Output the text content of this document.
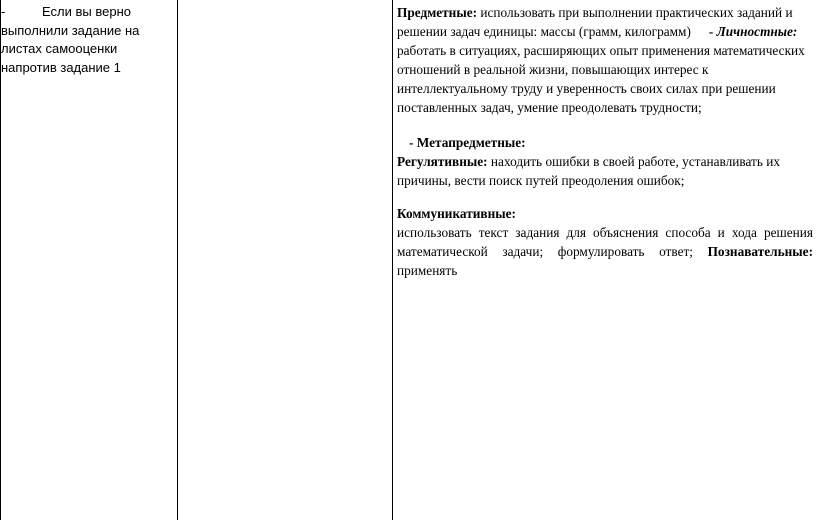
-	Если вы верно выполнили задание на листах самооценки напротив задание 1

Предметные: использовать при выполнении практических заданий и решении задач единицы: массы (грамм, килограмм) - Личностные: работать в ситуациях, расширяющих опыт применения математических отношений в реальной жизни, повышающих интерес к интеллектуальному труду и уверенность своих силах при решении поставленных задач, умение преодолевать трудности;

- Метапредметные:

Регулятивные: находить ошибки в своей работе, устанавливать их причины, вести поиск путей преодоления ошибок;

Коммуникативные:

использовать текст задания для объяснения способа и хода решения математической задачи; формулировать ответ; Познавательные: применять
